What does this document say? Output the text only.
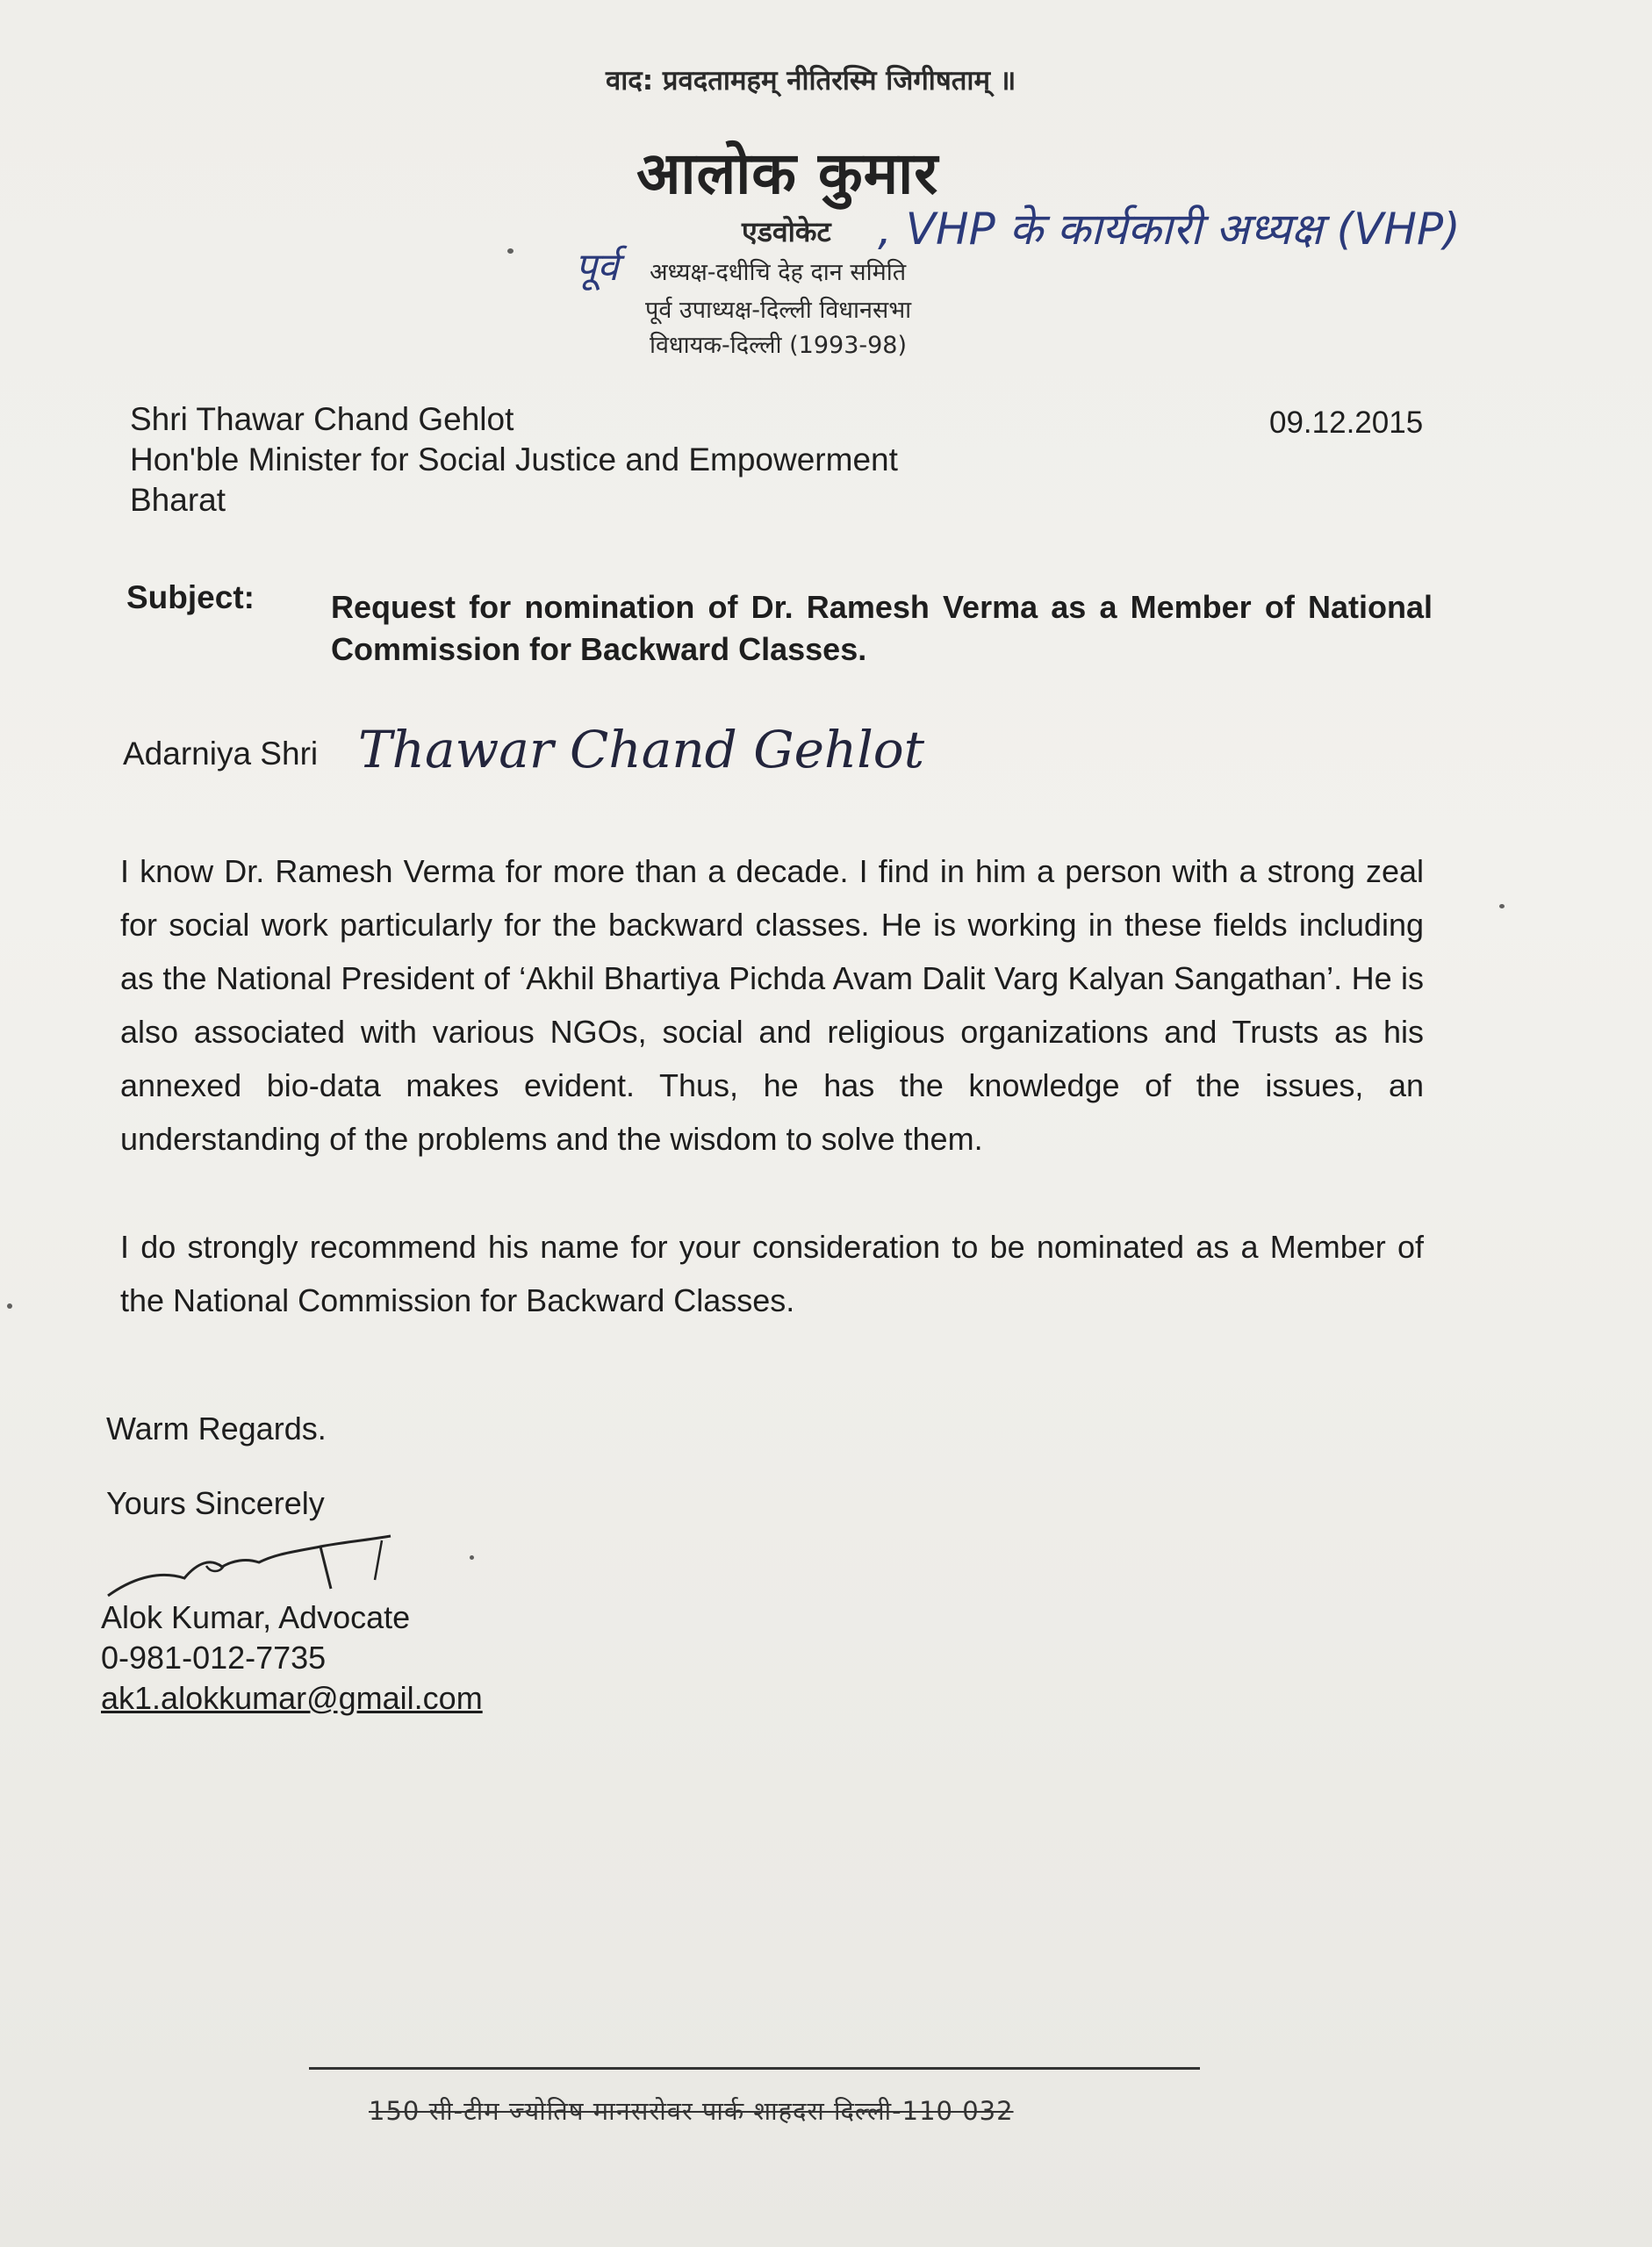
वाद: प्रवदतामहम् नीतिरस्मि जिगीषताम् ॥
आलोक कुमार
एडवोकेट , VHP के कार्यकारी अध्यक्ष (VHP)
पूर्व अध्यक्ष-दधीचि देह दान समिति
पूर्व उपाध्यक्ष-दिल्ली विधानसभा
विधायक-दिल्ली (1993-98)
Shri Thawar Chand Gehlot
Hon'ble Minister for Social Justice and Empowerment
Bharat
09.12.2015
Subject: Request for nomination of Dr. Ramesh Verma as a Member of National Commission for Backward Classes.
Adarniya Shri Thawar Chand Gehlot
I know Dr. Ramesh Verma for more than a decade. I find in him a person with a strong zeal for social work particularly for the backward classes. He is working in these fields including as the National President of ‘Akhil Bhartiya Pichda Avam Dalit Varg Kalyan Sangathan’. He is also associated with various NGOs, social and religious organizations and Trusts as his annexed bio-data makes evident. Thus, he has the knowledge of the issues, an understanding of the problems and the wisdom to solve them.
I do strongly recommend his name for your consideration to be nominated as a Member of the National Commission for Backward Classes.
Warm Regards.
Yours Sincerely
Alok Kumar, Advocate
0-981-012-7735
ak1.alokkumar@gmail.com
150 सी-टीम ज्योतिष मानसरोवर पार्क शाहदरा दिल्ली-110 032
